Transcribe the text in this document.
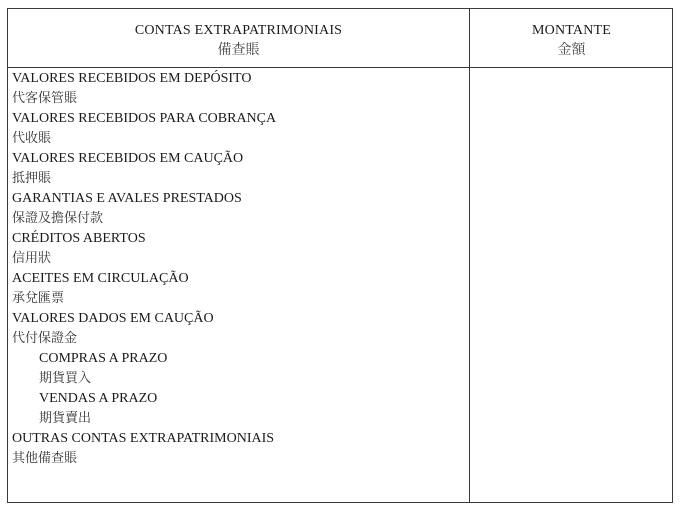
CONTAS EXTRAPATRIMONIAIS
備查賬
MONTANTE
金額
VALORES RECEBIDOS EM DEPÓSITO
代客保管賬
VALORES RECEBIDOS PARA COBRANÇA
代收賬
VALORES RECEBIDOS EM CAUÇÃO
抵押賬
GARANTIAS E AVALES PRESTADOS
保證及擔保付款
CRÉDITOS ABERTOS
信用狀
ACEITES EM CIRCULAÇÃO
承兌匯票
VALORES DADOS EM CAUÇÃO
代付保證金
COMPRAS A PRAZO
期貨買入
VENDAS A PRAZO
期貨賣出
OUTRAS CONTAS EXTRAPATRIMONIAIS
其他備查賬
